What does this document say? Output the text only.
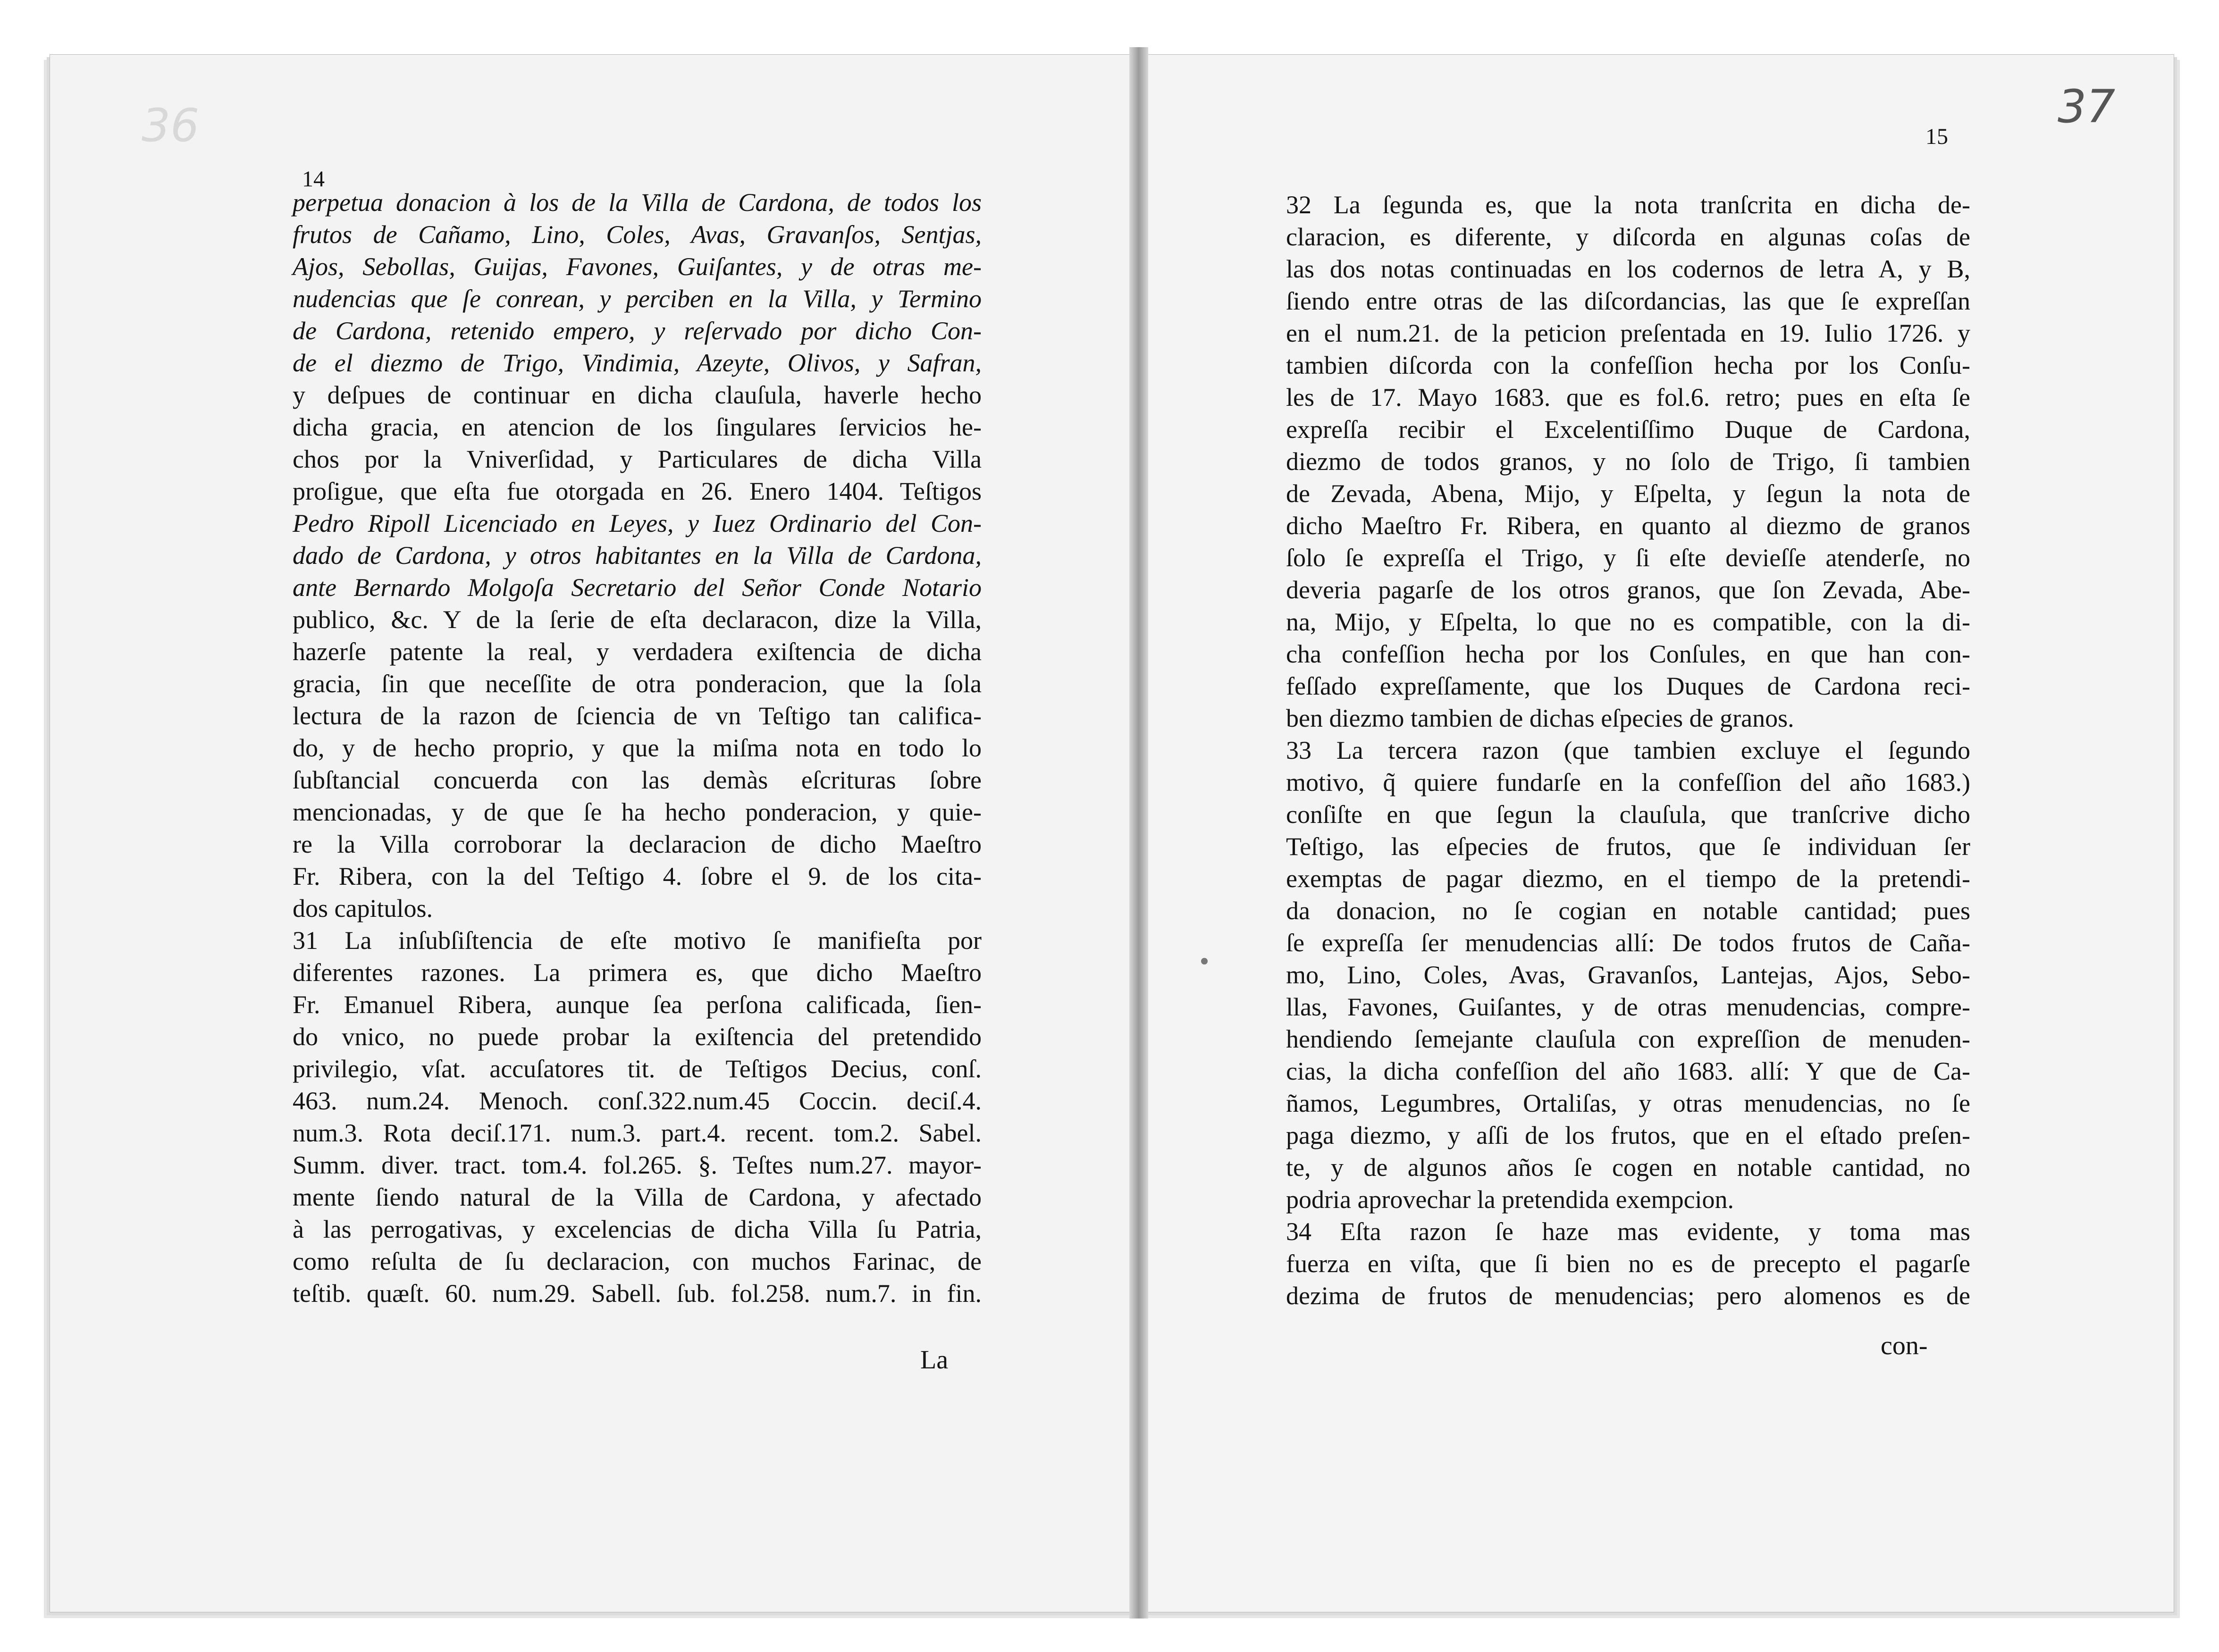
36	37
14
15
perpetua donacion à los de la Villa de Cardona, de todos los
frutos de Cañamo, Lino, Coles, Avas, Gravanſos, Sentjas,
Ajos, Sebollas, Guijas, Favones, Guiſantes, y de otras me-
nudencias que ſe conrean, y perciben en la Villa, y Termino
de Cardona, retenido empero, y reſervado por dicho Con-
de el diezmo de Trigo, Vindimia, Azeyte, Olivos, y Safran,
y deſpues de continuar en dicha clauſula, haverle hecho
dicha gracia, en atencion de los ſingulares ſervicios he-
chos por la Vniverſidad, y Particulares de dicha Villa
proſigue, que eſta fue otorgada en 26. Enero 1404. Teſtigos
Pedro Ripoll Licenciado en Leyes, y Iuez Ordinario del Con-
dado de Cardona, y otros habitantes en la Villa de Cardona,
ante Bernardo Molgoſa Secretario del Señor Conde Notario
publico, &c. Y de la ſerie de eſta declaracon, dize la Villa,
hazerſe patente la real, y verdadera exiſtencia de dicha
gracia, ſin que neceſſite de otra ponderacion, que la ſola
lectura de la razon de ſciencia de vn Teſtigo tan califica-
do, y de hecho proprio, y que la miſma nota en todo lo
ſubſtancial concuerda con las demàs eſcrituras ſobre
mencionadas, y de que ſe ha hecho ponderacion, y quie-
re la Villa corroborar la declaracion de dicho Maeſtro
Fr. Ribera, con la del Teſtigo 4. ſobre el 9. de los cita-
dos capitulos.
31 La inſubſiſtencia de eſte motivo ſe manifieſta por
diferentes razones. La primera es, que dicho Maeſtro
Fr. Emanuel Ribera, aunque ſea perſona calificada, ſien-
do vnico, no puede probar la exiſtencia del pretendido
privilegio, vſat. accuſatores tit. de Teſtigos Decius, conſ.
463. num.24. Menoch. conſ.322.num.45 Coccin. deciſ.4.
num.3. Rota deciſ.171. num.3. part.4. recent. tom.2. Sabel.
Summ. diver. tract. tom.4. fol.265. §. Teſtes num.27. mayor-
mente ſiendo natural de la Villa de Cardona, y afectado
à las perrogativas, y excelencias de dicha Villa ſu Patria,
como reſulta de ſu declaracion, con muchos Farinac, de
teſtib. quæſt. 60. num.29. Sabell. ſub. fol.258. num.7. in fin.
La
32 La ſegunda es, que la nota tranſcrita en dicha de-
claracion, es diferente, y diſcorda en algunas coſas de
las dos notas continuadas en los codernos de letra A, y B,
ſiendo entre otras de las diſcordancias, las que ſe expreſſan
en el num.21. de la peticion preſentada en 19. Iulio 1726. y
tambien diſcorda con la confeſſion hecha por los Conſu-
les de 17. Mayo 1683. que es fol.6. retro; pues en eſta ſe
expreſſa recibir el Excelentiſſimo Duque de Cardona,
diezmo de todos granos, y no ſolo de Trigo, ſi tambien
de Zevada, Abena, Mijo, y Eſpelta, y ſegun la nota de
dicho Maeſtro Fr. Ribera, en quanto al diezmo de granos
ſolo ſe expreſſa el Trigo, y ſi eſte devieſſe atenderſe, no
deveria pagarſe de los otros granos, que ſon Zevada, Abe-
na, Mijo, y Eſpelta, lo que no es compatible, con la di-
cha confeſſion hecha por los Conſules, en que han con-
feſſado expreſſamente, que los Duques de Cardona reci-
ben diezmo tambien de dichas eſpecies de granos.
33 La tercera razon (que tambien excluye el ſegundo
motivo, q̃ quiere fundarſe en la confeſſion del año 1683.)
conſiſte en que ſegun la clauſula, que tranſcrive dicho
Teſtigo, las eſpecies de frutos, que ſe individuan ſer
exemptas de pagar diezmo, en el tiempo de la pretendi-
da donacion, no ſe cogian en notable cantidad; pues
ſe expreſſa ſer menudencias allí: De todos frutos de Caña-
mo, Lino, Coles, Avas, Gravanſos, Lantejas, Ajos, Sebo-
llas, Favones, Guiſantes, y de otras menudencias, compre-
hendiendo ſemejante clauſula con expreſſion de menuden-
cias, la dicha confeſſion del año 1683. allí: Y que de Ca-
ñamos, Legumbres, Ortaliſas, y otras menudencias, no ſe
paga diezmo, y aſſi de los frutos, que en el eſtado preſen-
te, y de algunos años ſe cogen en notable cantidad, no
podria aprovechar la pretendida exempcion.
34 Eſta razon ſe haze mas evidente, y toma mas
fuerza en viſta, que ſi bien no es de precepto el pagarſe
dezima de frutos de menudencias; pero alomenos es de
con-
